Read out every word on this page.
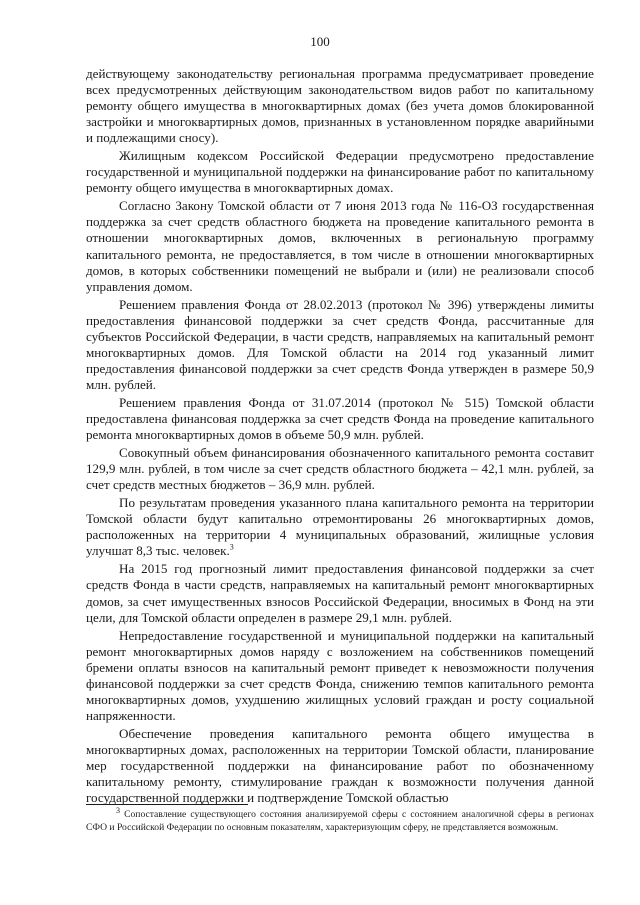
100

действующему законодательству региональная программа предусматривает проведение всех предусмотренных действующим законодательством видов работ по капитальному ремонту общего имущества в многоквартирных домах (без учета домов блокированной застройки и многоквартирных домов, признанных в установленном порядке аварийными и подлежащими сносу).

Жилищным кодексом Российской Федерации предусмотрено предоставление государственной и муниципальной поддержки на финансирование работ по капитальному ремонту общего имущества в многоквартирных домах.

Согласно Закону Томской области от 7 июня 2013 года № 116-ОЗ государственная поддержка за счет средств областного бюджета на проведение капитального ремонта в отношении многоквартирных домов, включенных в региональную программу капитального ремонта, не предоставляется, в том числе в отношении многоквартирных домов, в которых собственники помещений не выбрали и (или) не реализовали способ управления домом.

Решением правления Фонда от 28.02.2013 (протокол № 396) утверждены лимиты предоставления финансовой поддержки за счет средств Фонда, рассчитанные для субъектов Российской Федерации, в части средств, направляемых на капитальный ремонт многоквартирных домов. Для Томской области на 2014 год указанный лимит предоставления финансовой поддержки за счет средств Фонда утвержден в размере 50,9 млн. рублей.

Решением правления Фонда от 31.07.2014 (протокол № 515) Томской области предоставлена финансовая поддержка за счет средств Фонда на проведение капитального ремонта многоквартирных домов в объеме 50,9 млн. рублей.

Совокупный объем финансирования обозначенного капитального ремонта составит 129,9 млн. рублей, в том числе за счет средств областного бюджета – 42,1 млн. рублей, за счет средств местных бюджетов – 36,9 млн. рублей.

По результатам проведения указанного плана капитального ремонта на территории Томской области будут капитально отремонтированы 26 многоквартирных домов, расположенных на территории 4 муниципальных образований, жилищные условия улучшат 8,3 тыс. человек.$^3$

На 2015 год прогнозный лимит предоставления финансовой поддержки за счет средств Фонда в части средств, направляемых на капитальный ремонт многоквартирных домов, за счет имущественных взносов Российской Федерации, вносимых в Фонд на эти цели, для Томской области определен в размере 29,1 млн. рублей.

Непредоставление государственной и муниципальной поддержки на капитальный ремонт многоквартирных домов наряду с возложением на собственников помещений бремени оплаты взносов на капитальный ремонт приведет к невозможности получения финансовой поддержки за счет средств Фонда, снижению темпов капитального ремонта многоквартирных домов, ухудшению жилищных условий граждан и росту социальной напряженности.

Обеспечение проведения капитального ремонта общего имущества в многоквартирных домах, расположенных на территории Томской области, планирование мер государственной поддержки на финансирование работ по обозначенному капитальному ремонту, стимулирование граждан к возможности получения данной государственной поддержки и подтверждение Томской областью

$^3$ Сопоставление существующего состояния анализируемой сферы с состоянием аналогичной сферы в регионах СФО и Российской Федерации по основным показателям, характеризующим сферу, не представляется возможным.
